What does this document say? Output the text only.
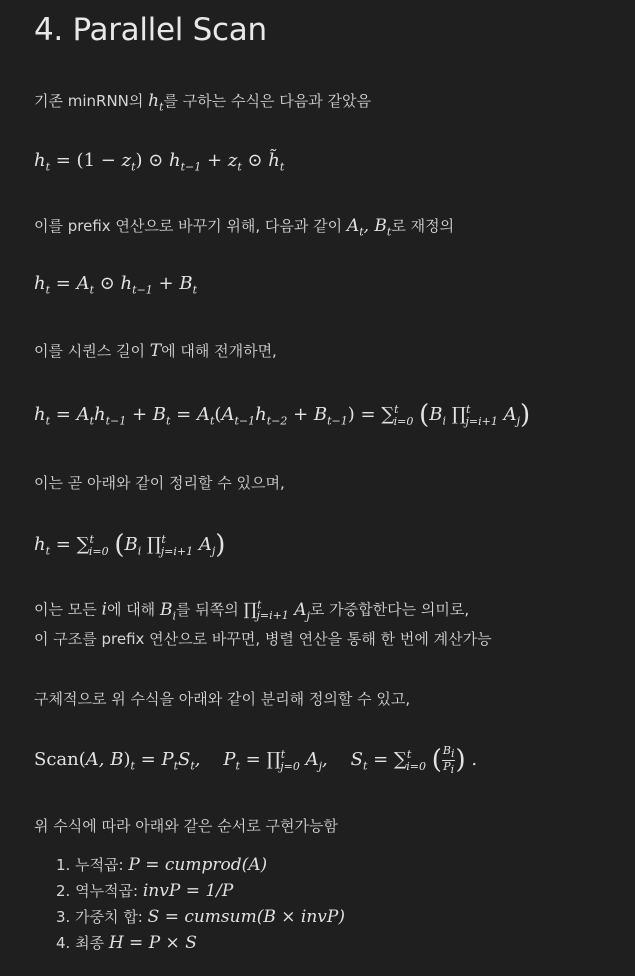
4. Parallel Scan
기존 minRNN의 $h_t$를 구하는 수식은 다음과 같았음
$h_t = (1 - z_t)$ ⊙ $h_{t-1} + z_t$ ⊙ $h̃_t$
이를 prefix 연산으로 바꾸기 위해, 다음과 같이 $A_t$, $B_t$로 재정의
$h_t = A_t$ ⊙ $h_{t-1} + B_t$
이를 시퀀스 길이 T에 대해 전개하면,
$h_t = A_th_{t-1} + B_t = A_t(A_{t-1}h_{t-2} + B_{t-1}) = \sum^t_{i=0}$ ($B_i$ ∏$^t_{j=i+1}$ $A_j$)
이는 곧 아래와 같이 정리할 수 있으며,
$h_t = \sum^t_{i=0}$ ($B_i$ ∏$^t_{j=i+1}$ $A_j$)
이는 모든 i에 대해 $B_i$를 뒤쪽의 ∏$^t_{j=i+1}$ $A_j$로 가중합한다는 의미로,
이 구조를 prefix 연산으로 바꾸면, 병렬 연산을 통해 한 번에 계산가능
구체적으로 위 수식을 아래와 같이 분리해 정의할 수 있고,
Scan(A, $B)_t = P_tS_t$,    $P_t$ = ∏$^t_{j=0}$ $A_j$,    $S_t = \sum^t_{i=0}$ ( $\frac{B_i}{P_i}$ ) .
위 수식에 따라 아래와 같은 순서로 구현가능함
1. 누적곱: P = cumprod(A)
2. 역누적곱: invP = 1/P
3. 가중치 합: S = cumsum(B × invP)
4. 최종 H = P × S
